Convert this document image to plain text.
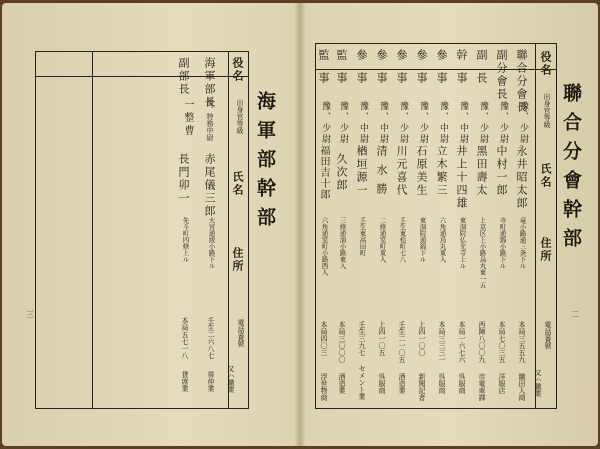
海軍部幹部
役名
出身官等級
氏名
住所
電話番號
又ハ職業
海軍部長
豫、特務中尉
赤尾儀三郎
大宮通綾小路下ル
壬生二六八七
帯仲業
副部長
一整曹
長門卯一
先斗町四條上ル
本局五七一八
貸席業
三
聯合分會幹部
役名
出身官等級
氏名
住所
電話番號
又ハ職業
聯合分會長
豫、少尉
永井昭太郎
竜小路通三条下ル
本局三五五九
織田人商
副分會長
豫、少尉
中村一郎
寺町通錦小路下ル
本局七〇三五
洋服店
副長
豫、少尉
黑田壽太
上京区上小路烏丸東一五
西陣八〇〇九
市電車課
幹事
豫、中尉
井上十四雄
東洞院仏光寺上ル
本局一六七六
呉服商
參事
豫、中尉
立木繁三
六角通烏丸東入
本局三三三一
呉服商
參事
豫、少尉
石原美生
東洞院通錦下ル
上四一〇〇
新聞記者
參事
豫、少尉
川元喜代
壬生東桧町七八
壬生二一〇五
酒造業
參事
豫、中尉
清水勝
二條通室町東入
上四一〇五
呉服商
參事
豫、中尉
楢垣源一
壬生東高田町
壬生三九七
セメント業
監事
豫、少尉
久次郎
三條通油小路東入
本局三〇〇〇
酒造業
監事
豫、少尉
福田吉十郎
六角通室町小路西入
本局四〇三
浮世物商
二
